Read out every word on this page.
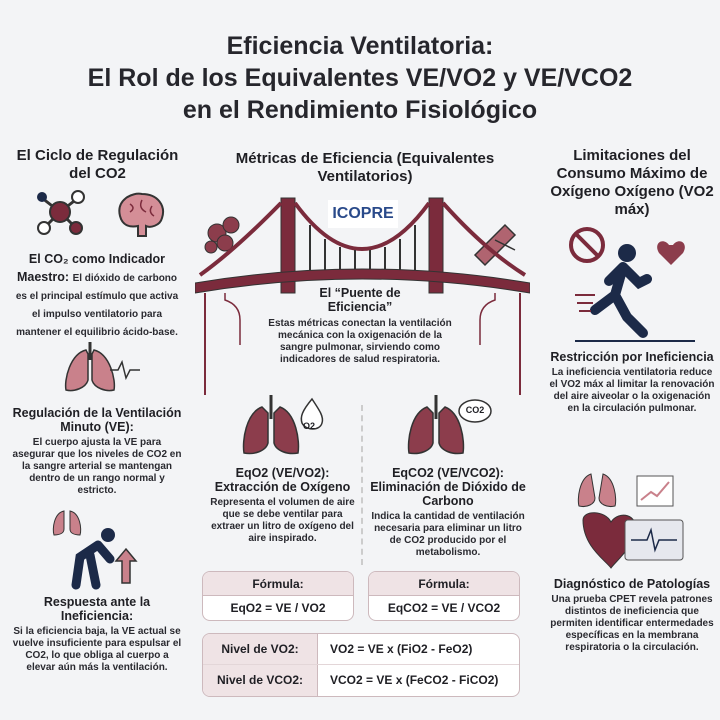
Eficiencia Ventilatoria:
El Rol de los Equivalentes VE/VO2 y VE/VCO2
en el Rendimiento Fisiológico
El Ciclo de Regulación del CO2
El CO₂ como Indicador Maestro: El dióxido de carbono es el principal estímulo que activa el impulso ventilatorio para mantener el equilibrio ácido-base.
Regulación de la Ventilación Minuto (VE):
El cuerpo ajusta la VE para asegurar que los niveles de CO2 en la sangre arterial se mantengan dentro de un rango normal y estricto.
Respuesta ante la Ineficiencia:
Si la eficiencia baja, la VE actual se vuelve insuficiente para espulsar el CO2, lo que obliga al cuerpo a elevar aún más la ventilación.
Métricas de Eficiencia (Equivalentes Ventilatorios)
ICOPRE
El “Puente de Eficiencia”
Estas métricas conectan la ventilación mecánica con la oxigenación de la sangre pulmonar, sirviendo como indicadores de salud respiratoria.
O2
CO2
EqO2 (VE/VO2): Extracción de Oxígeno
Representa el volumen de aire que se debe ventilar para extraer un litro de oxígeno del aire inspirado.
EqCO2 (VE/VCO2): Eliminación de Dióxido de Carbono
Indica la cantidad de ventilación necesaria para eliminar un litro de CO2 producido por el metabolismo.
Fórmula:
EqO2 = VE / VO2
Fórmula:
EqCO2 = VE / VCO2
Nivel de VO2:	VO2 = VE x (FiO2 - FeO2)
Nivel de VCO2:	VCO2 = VE x (FeCO2 - FiCO2)
Limitaciones del Consumo Máximo de Oxígeno Oxígeno (VO2 máx)
Restricción por Ineficiencia
La ineficiencia ventilatoria reduce el VO2 máx al limitar la renovación del aire aiveolar o la oxigenación en la circulación pulmonar.
Diagnóstico de Patologías
Una prueba CPET revela patrones distintos de ineficiencia que permiten identificar entermedades específicas en la membrana respiratoria o la circulación.
